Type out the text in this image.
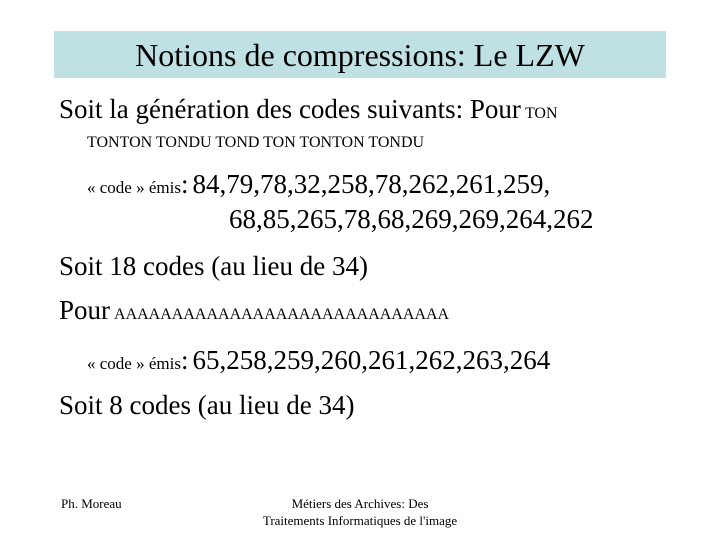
Notions de compressions: Le LZW
Soit la génération des codes suivants: Pour TON
TONTON TONDU TOND TON TONTON TONDU
« code » émis: 84,79,78,32,258,78,262,261,259,
68,85,265,78,68,269,269,264,262
Soit 18 codes (au lieu de 34)
Pour AAAAAAAAAAAAAAAAAAAAAAAAAAAAA
« code » émis: 65,258,259,260,261,262,263,264
Soit 8 codes (au lieu de 34)
Ph. Moreau	Métiers des Archives: Des
Traitements Informatiques de l'image
